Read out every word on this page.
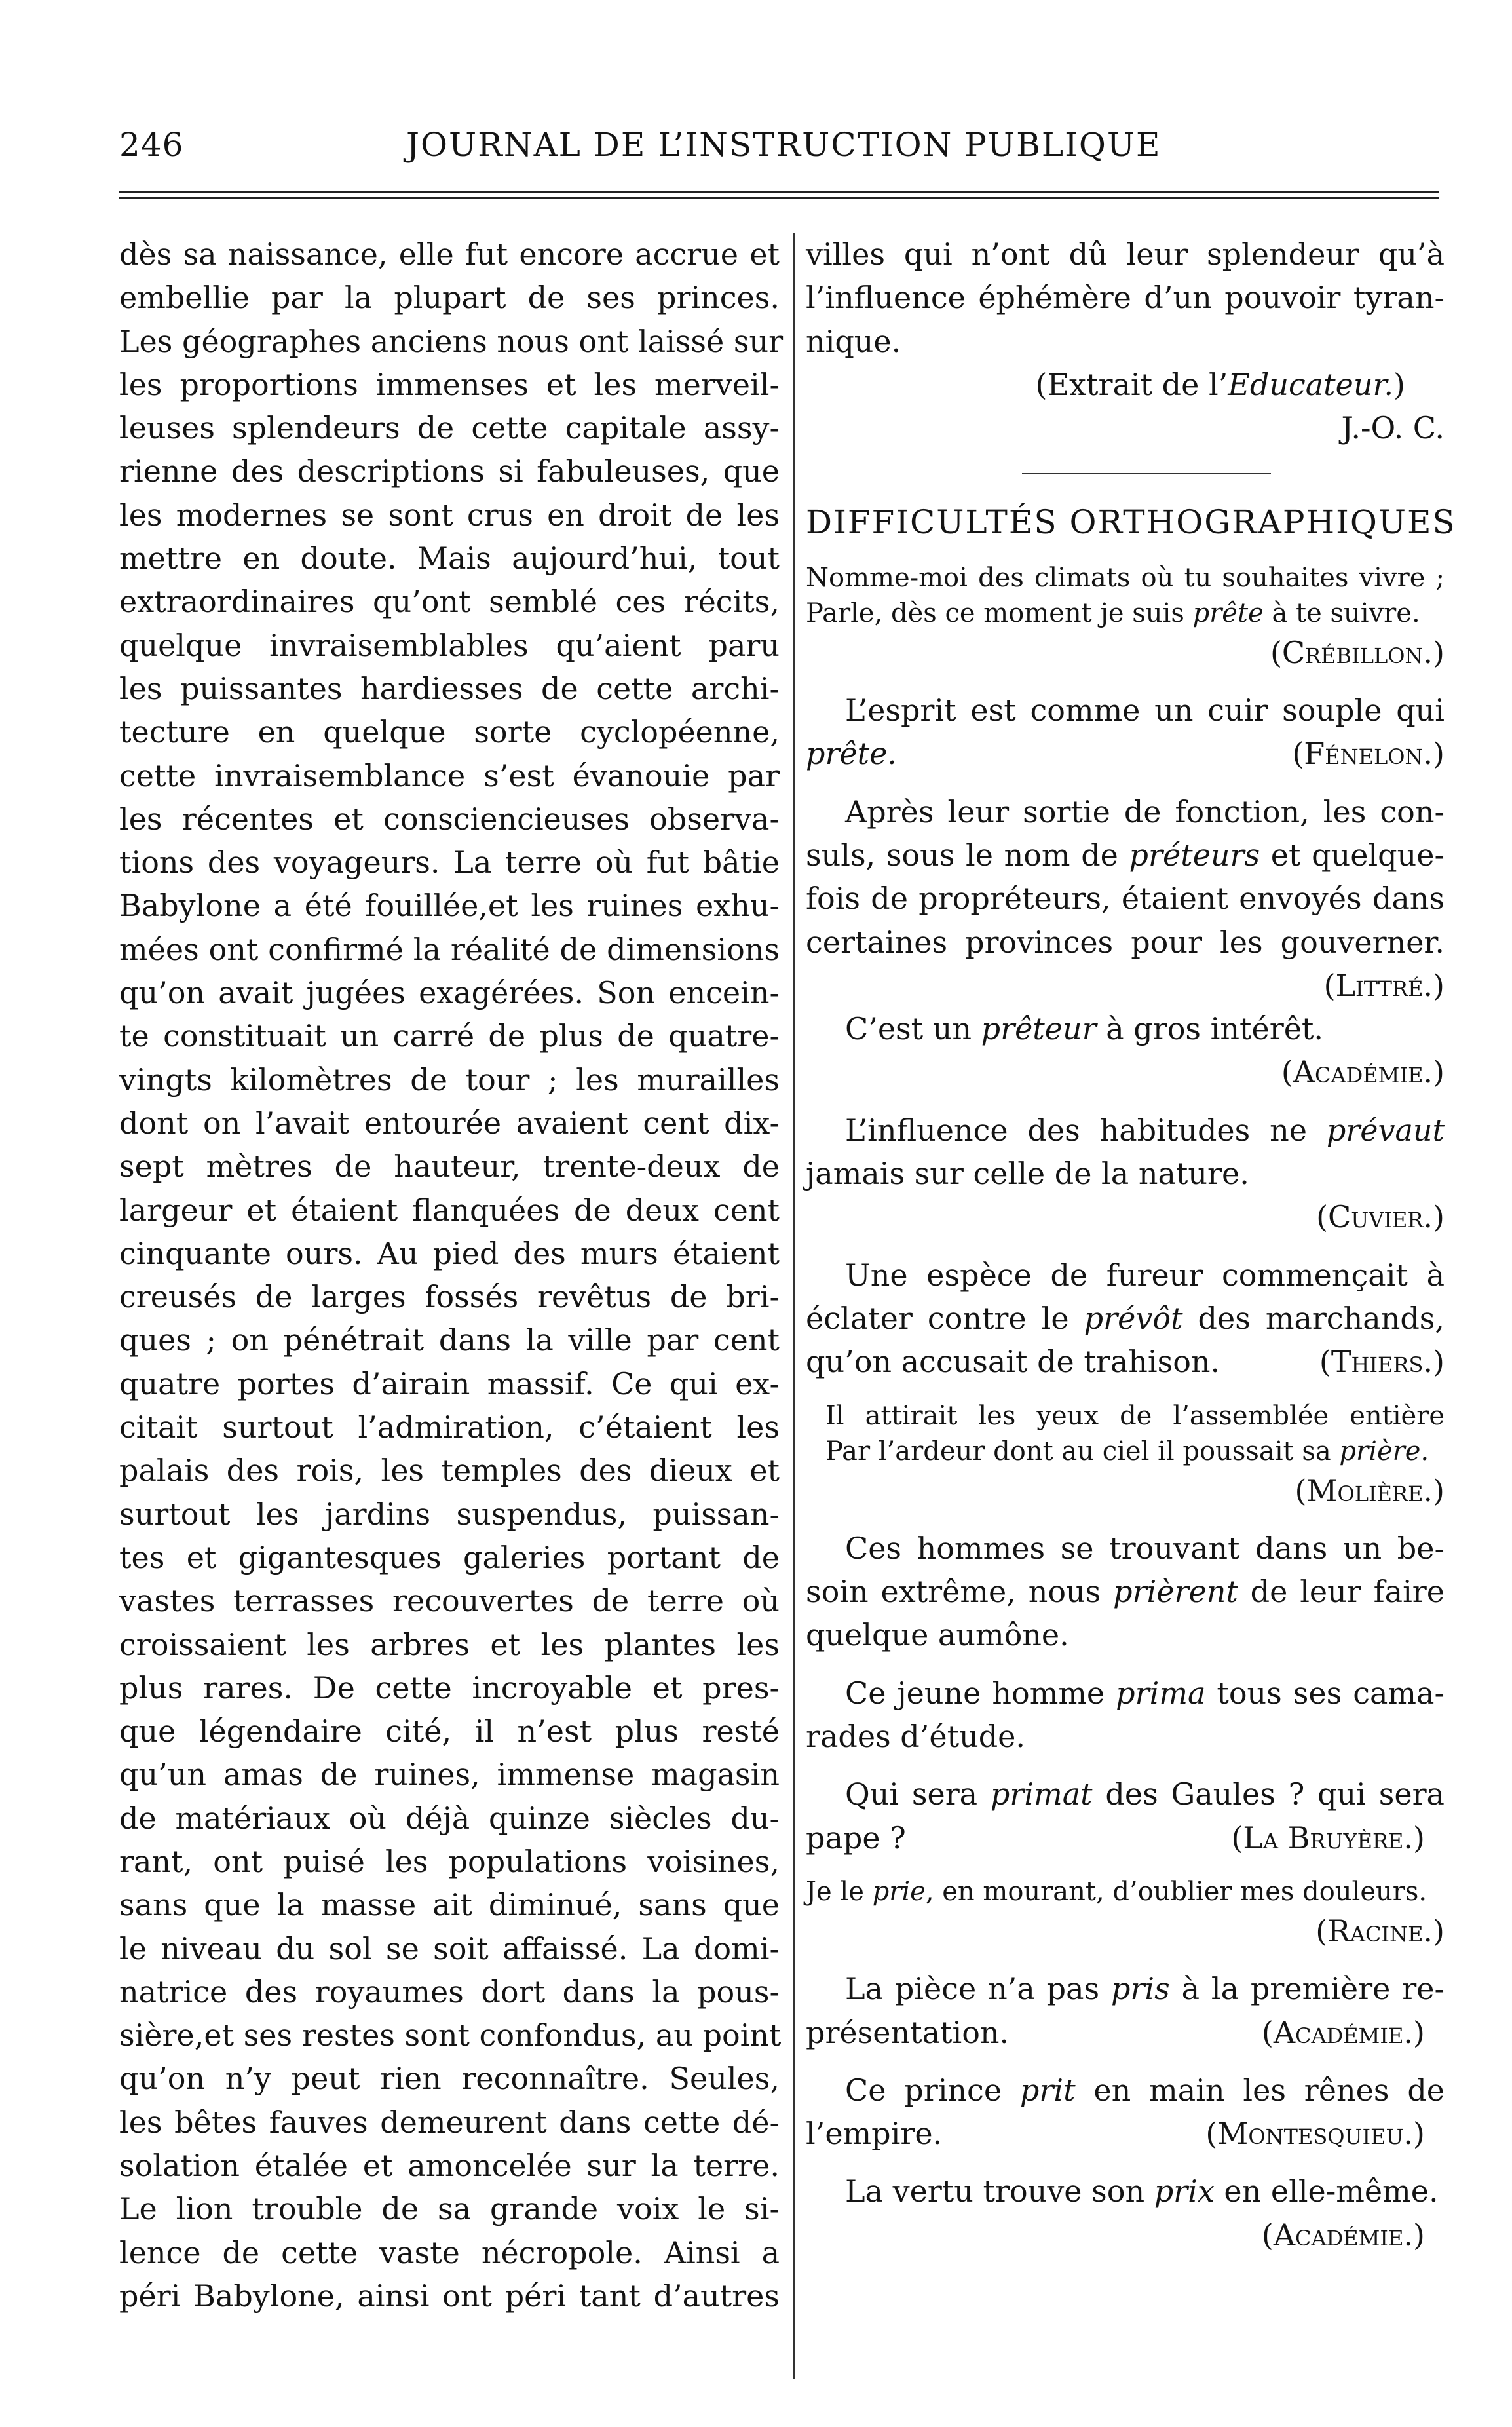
246	JOURNAL DE L’INSTRUCTION PUBLIQUE
dès sa naissance, elle fut encore accrue et
embellie par la plupart de ses princes.
Les géographes anciens nous ont laissé sur
les proportions immenses et les merveil-
leuses splendeurs de cette capitale assy-
rienne des descriptions si fabuleuses, que
les modernes se sont crus en droit de les
mettre en doute. Mais aujourd’hui, tout
extraordinaires qu’ont semblé ces récits,
quelque invraisemblables qu’aient paru
les puissantes hardiesses de cette archi-
tecture en quelque sorte cyclopéenne,
cette invraisemblance s’est évanouie par
les récentes et consciencieuses observa-
tions des voyageurs. La terre où fut bâtie
Babylone a été fouillée,et les ruines exhu-
mées ont confirmé la réalité de dimensions
qu’on avait jugées exagérées. Son encein-
te constituait un carré de plus de quatre-
vingts kilomètres de tour ; les murailles
dont on l’avait entourée avaient cent dix-
sept mètres de hauteur, trente-deux de
largeur et étaient flanquées de deux cent
cinquante ours. Au pied des murs étaient
creusés de larges fossés revêtus de bri-
ques ; on pénétrait dans la ville par cent
quatre portes d’airain massif. Ce qui ex-
citait surtout l’admiration, c’étaient les
palais des rois, les temples des dieux et
surtout les jardins suspendus, puissan-
tes et gigantesques galeries portant de
vastes terrasses recouvertes de terre où
croissaient les arbres et les plantes les
plus rares. De cette incroyable et pres-
que légendaire cité, il n’est plus resté
qu’un amas de ruines, immense magasin
de matériaux où déjà quinze siècles du-
rant, ont puisé les populations voisines,
sans que la masse ait diminué, sans que
le niveau du sol se soit affaissé. La domi-
natrice des royaumes dort dans la pous-
sière,et ses restes sont confondus, au point
qu’on n’y peut rien reconnaître. Seules,
les bêtes fauves demeurent dans cette dé-
solation étalée et amoncelée sur la terre.
Le lion trouble de sa grande voix le si-
lence de cette vaste nécropole. Ainsi a
péri Babylone, ainsi ont péri tant d’autres
villes qui n’ont dû leur splendeur qu’à
l’influence éphémère d’un pouvoir tyran-
nique.
(Extrait de l’Educateur.)
J.-O. C.
DIFFICULTÉS ORTHOGRAPHIQUES
Nomme-moi des climats où tu souhaites vivre ;
Parle, dès ce moment je suis prête à te suivre.
(Crébillon.)
L’esprit est comme un cuir souple qui
prête.	(Fénelon.)
Après leur sortie de fonction, les con-
suls, sous le nom de préteurs et quelque-
fois de propréteurs, étaient envoyés dans
certaines provinces pour les gouverner.
(Littré.)
C’est un prêteur à gros intérêt.
(Académie.)
L’influence des habitudes ne prévaut
jamais sur celle de la nature.
(Cuvier.)
Une espèce de fureur commençait à
éclater contre le prévôt des marchands,
qu’on accusait de trahison.	(Thiers.)
Il attirait les yeux de l’assemblée entière
Par l’ardeur dont au ciel il poussait sa prière.
(Molière.)
Ces hommes se trouvant dans un be-
soin extrême, nous prièrent de leur faire
quelque aumône.
Ce jeune homme prima tous ses cama-
rades d’étude.
Qui sera primat des Gaules ? qui sera
pape ?	(La Bruyère.)
Je le prie, en mourant, d’oublier mes douleurs.
(Racine.)
La pièce n’a pas pris à la première re-
présentation.	(Académie.)
Ce prince prit en main les rênes de
l’empire.	(Montesquieu.)
La vertu trouve son prix en elle-même.
(Académie.)
